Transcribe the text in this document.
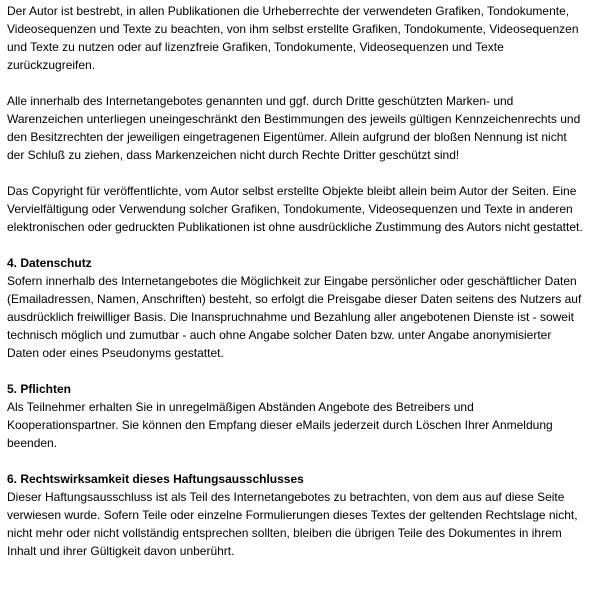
Der Autor ist bestrebt, in allen Publikationen die Urheberrechte der verwendeten Grafiken, Tondokumente, Videosequenzen und Texte zu beachten, von ihm selbst erstellte Grafiken, Tondokumente, Videosequenzen und Texte zu nutzen oder auf lizenzfreie Grafiken, Tondokumente, Videosequenzen und Texte zurückzugreifen.

Alle innerhalb des Internetangebotes genannten und ggf. durch Dritte geschützten Marken- und Warenzeichen unterliegen uneingeschränkt den Bestimmungen des jeweils gültigen Kennzeichenrechts und den Besitzrechten der jeweiligen eingetragenen Eigentümer. Allein aufgrund der bloßen Nennung ist nicht der Schluß zu ziehen, dass Markenzeichen nicht durch Rechte Dritter geschützt sind!

Das Copyright für veröffentlichte, vom Autor selbst erstellte Objekte bleibt allein beim Autor der Seiten. Eine Vervielfältigung oder Verwendung solcher Grafiken, Tondokumente, Videosequenzen und Texte in anderen elektronischen oder gedruckten Publikationen ist ohne ausdrückliche Zustimmung des Autors nicht gestattet.

4. Datenschutz

Sofern innerhalb des Internetangebotes die Möglichkeit zur Eingabe persönlicher oder geschäftlicher Daten (Emailadressen, Namen, Anschriften) besteht, so erfolgt die Preisgabe dieser Daten seitens des Nutzers auf ausdrücklich freiwilliger Basis. Die Inanspruchnahme und Bezahlung aller angebotenen Dienste ist - soweit technisch möglich und zumutbar - auch ohne Angabe solcher Daten bzw. unter Angabe anonymisierter Daten oder eines Pseudonyms gestattet.

5. Pflichten

Als Teilnehmer erhalten Sie in unregelmäßigen Abständen Angebote des Betreibers und Kooperationspartner. Sie können den Empfang dieser eMails jederzeit durch Löschen Ihrer Anmeldung beenden.

6. Rechtswirksamkeit dieses Haftungsausschlusses

Dieser Haftungsausschluss ist als Teil des Internetangebotes zu betrachten, von dem aus auf diese Seite verwiesen wurde. Sofern Teile oder einzelne Formulierungen dieses Textes der geltenden Rechtslage nicht, nicht mehr oder nicht vollständig entsprechen sollten, bleiben die übrigen Teile des Dokumentes in ihrem Inhalt und ihrer Gültigkeit davon unberührt.
